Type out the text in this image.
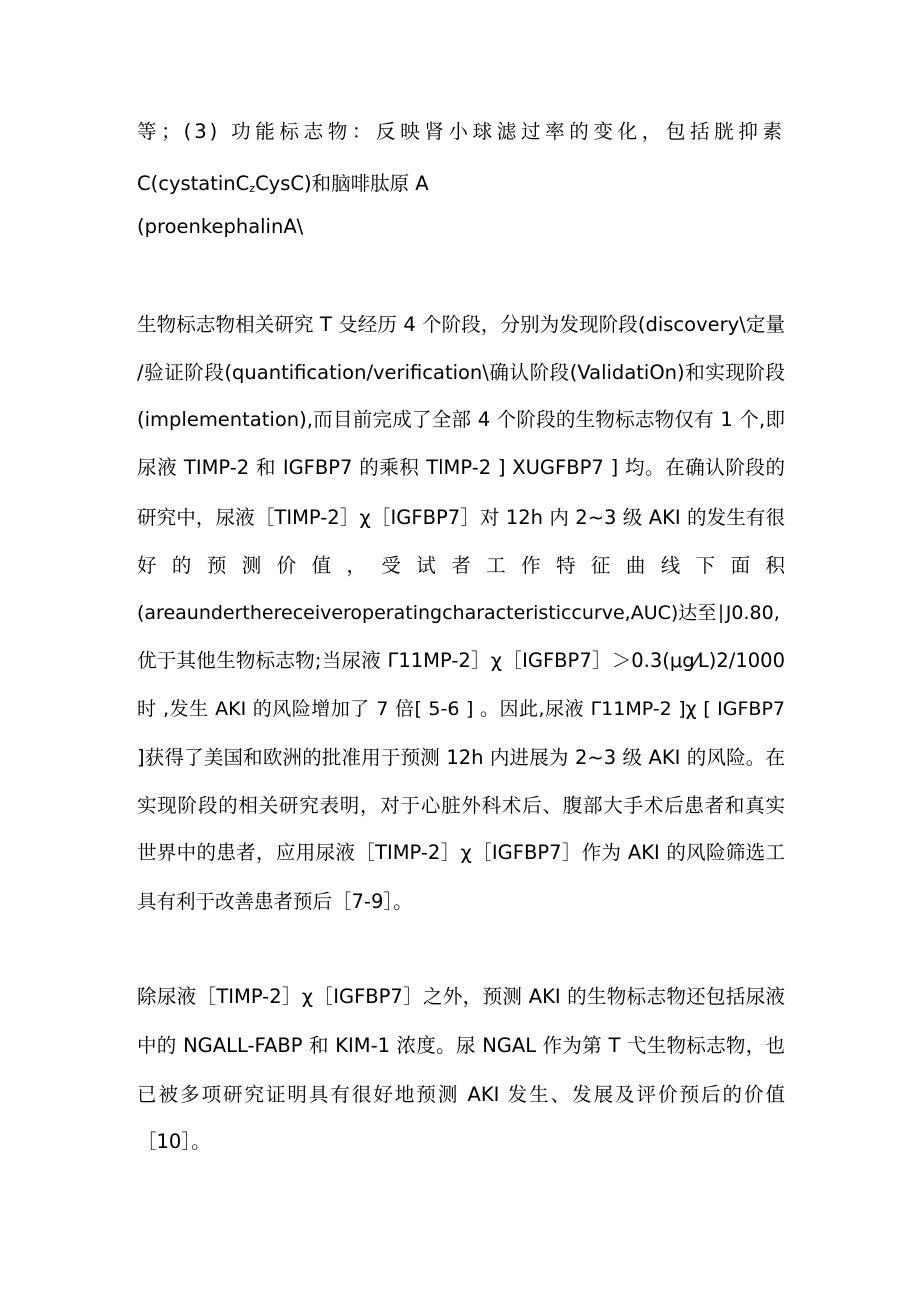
等；(3) 功能标志物：反映肾小球滤过率的变化，包括胱抑素
C(cystatinC$_z$CysC)和脑啡肽原 A
(proenkephalinA\
生物标志物相关研究 T 殳经历 4 个阶段，分别为发现阶段(discovery\定量
/验证阶段(quantification/verification\确认阶段(ValidatiOn)和实现阶段
(implementation),而目前完成了全部 4 个阶段的生物标志物仅有 1 个,即
尿液 TIMP-2 和 IGFBP7 的乘积 TlMP-2 ] XUGFBP7 ] 均。在确认阶段的
研究中，尿液［TIMP-2］χ［IGFBP7］对 12h 内 2~3 级 AKI 的发生有很
好 的 预 测 价 值 ， 受 试 者 工 作 特 征 曲 线 下 面 积
(areaunderthereceiveroperatingcharacteristiccurve,AUC)达至∣J0.80,
优于其他生物标志物;当尿液 Γ11MP-2］χ［IGFBP7］＞0.3(μg⁄L)2/1000
时 ,发生 AKI 的风险增加了 7 倍[ 5-6 ] 。因此,尿液 Γ11MP-2 ]χ [ IGFBP7
]获得了美国和欧洲的批准用于预测 12h 内进展为 2~3 级 AKI 的风险。在
实现阶段的相关研究表明，对于心脏外科术后、腹部大手术后患者和真实
世界中的患者，应用尿液［TIMP-2］χ［IGFBP7］作为 AKI 的风险筛选工
具有利于改善患者预后［7-9］。
除尿液［TIMP-2］χ［IGFBP7］之外，预测 AKI 的生物标志物还包括尿液
中的 NGALL-FABP 和 KIM-1 浓度。尿 NGAL 作为第 T 弋生物标志物，也
已被多项研究证明具有很好地预测 AKI 发生、发展及评价预后的价值
［10］。
